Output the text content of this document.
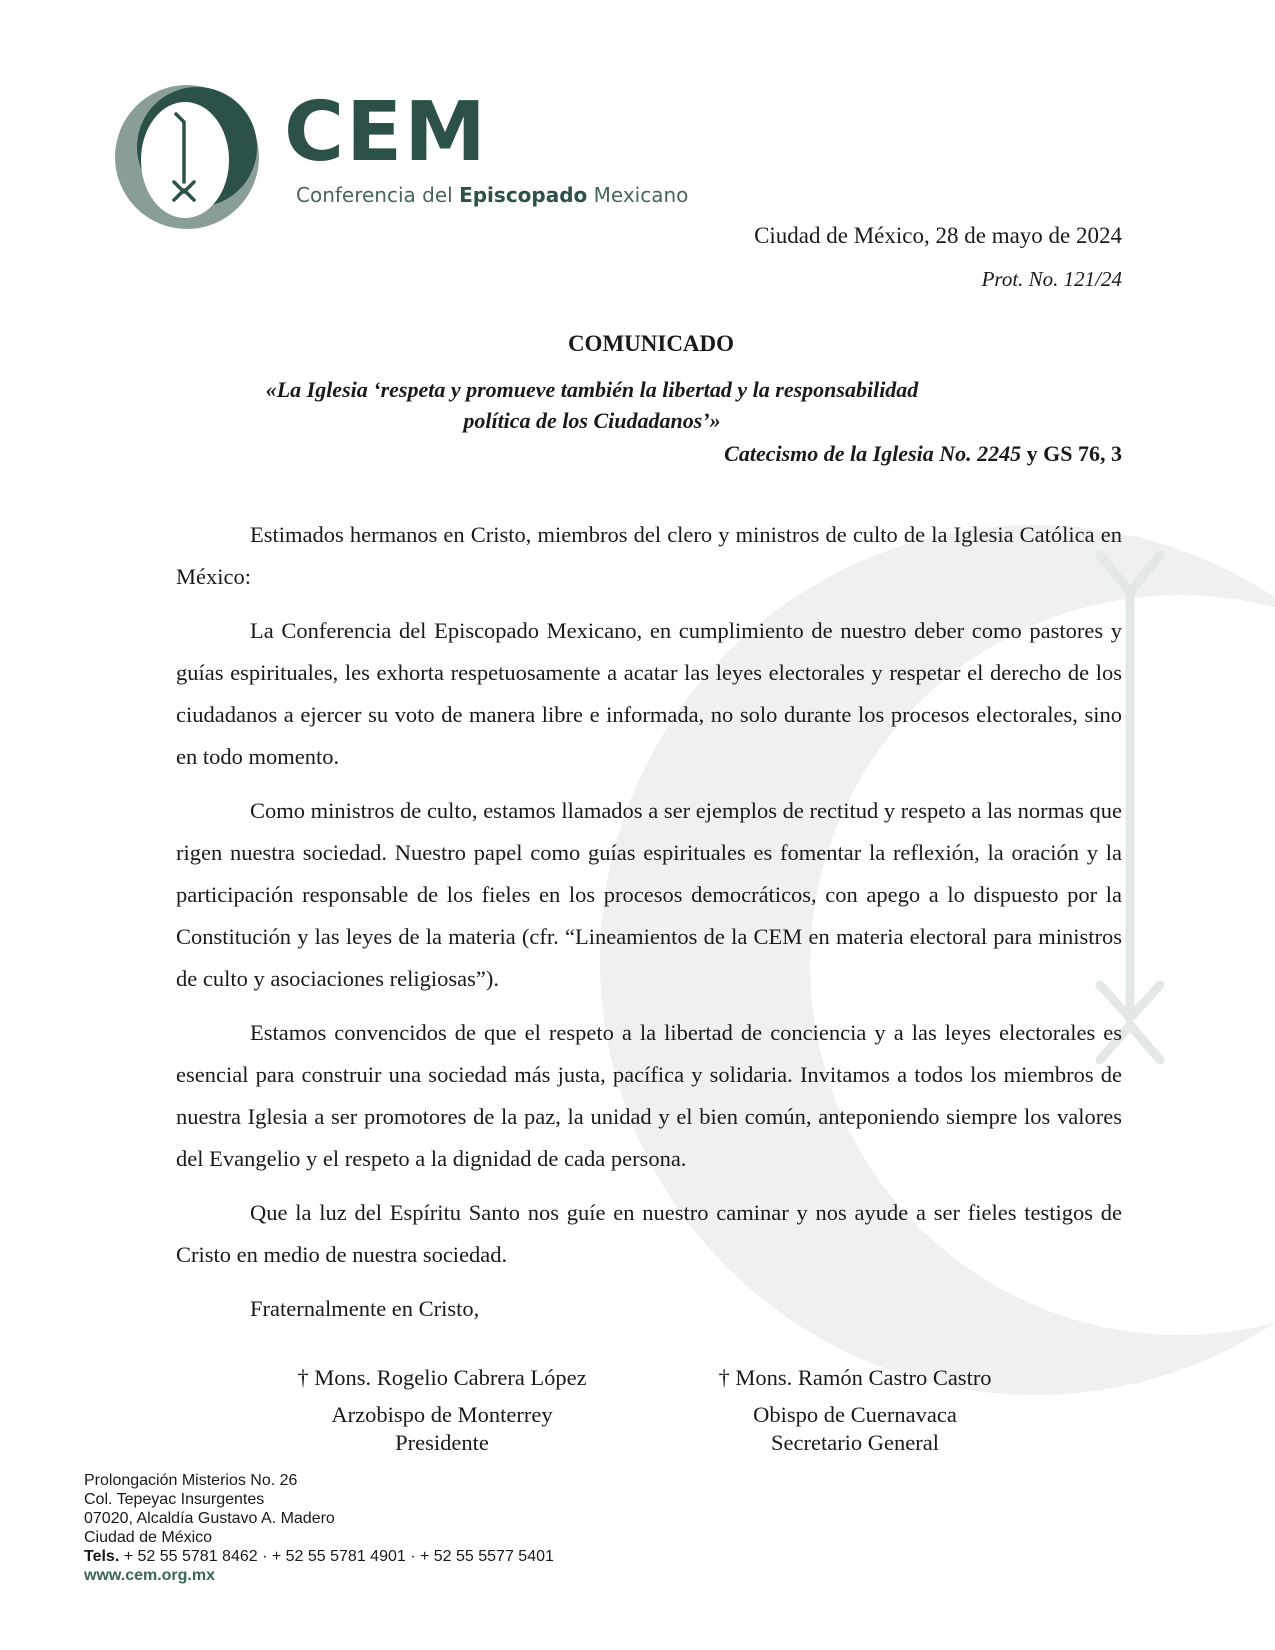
CEM
Conferencia del Episcopado Mexicano
Ciudad de México, 28 de mayo de 2024
Prot. No. 121/24
COMUNICADO
«La Iglesia ‘respeta y promueve también la libertad y la responsabilidad
política de los Ciudadanos’»
Catecismo de la Iglesia No. 2245 y GS 76, 3

Estimados hermanos en Cristo, miembros del clero y ministros de culto de la Iglesia Católica en México:

La Conferencia del Episcopado Mexicano, en cumplimiento de nuestro deber como pastores y guías espirituales, les exhorta respetuosamente a acatar las leyes electorales y respetar el derecho de los ciudadanos a ejercer su voto de manera libre e informada, no solo durante los procesos electorales, sino en todo momento.

Como ministros de culto, estamos llamados a ser ejemplos de rectitud y respeto a las normas que rigen nuestra sociedad. Nuestro papel como guías espirituales es fomentar la reflexión, la oración y la participación responsable de los fieles en los procesos democráticos, con apego a lo dispuesto por la Constitución y las leyes de la materia (cfr. “Lineamientos de la CEM en materia electoral para ministros de culto y asociaciones religiosas”).

Estamos convencidos de que el respeto a la libertad de conciencia y a las leyes electorales es esencial para construir una sociedad más justa, pacífica y solidaria. Invitamos a todos los miembros de nuestra Iglesia a ser promotores de la paz, la unidad y el bien común, anteponiendo siempre los valores del Evangelio y el respeto a la dignidad de cada persona.

Que la luz del Espíritu Santo nos guíe en nuestro caminar y nos ayude a ser fieles testigos de Cristo en medio de nuestra sociedad.

Fraternalmente en Cristo,
† Mons. Rogelio Cabrera López
Arzobispo de Monterrey
Presidente
† Mons. Ramón Castro Castro
Obispo de Cuernavaca
Secretario General
Prolongación Misterios No. 26
Col. Tepeyac Insurgentes
07020, Alcaldía Gustavo A. Madero
Ciudad de México
Tels. + 52 55 5781 8462 · + 52 55 5781 4901 · + 52 55 5577 5401
www.cem.org.mx
